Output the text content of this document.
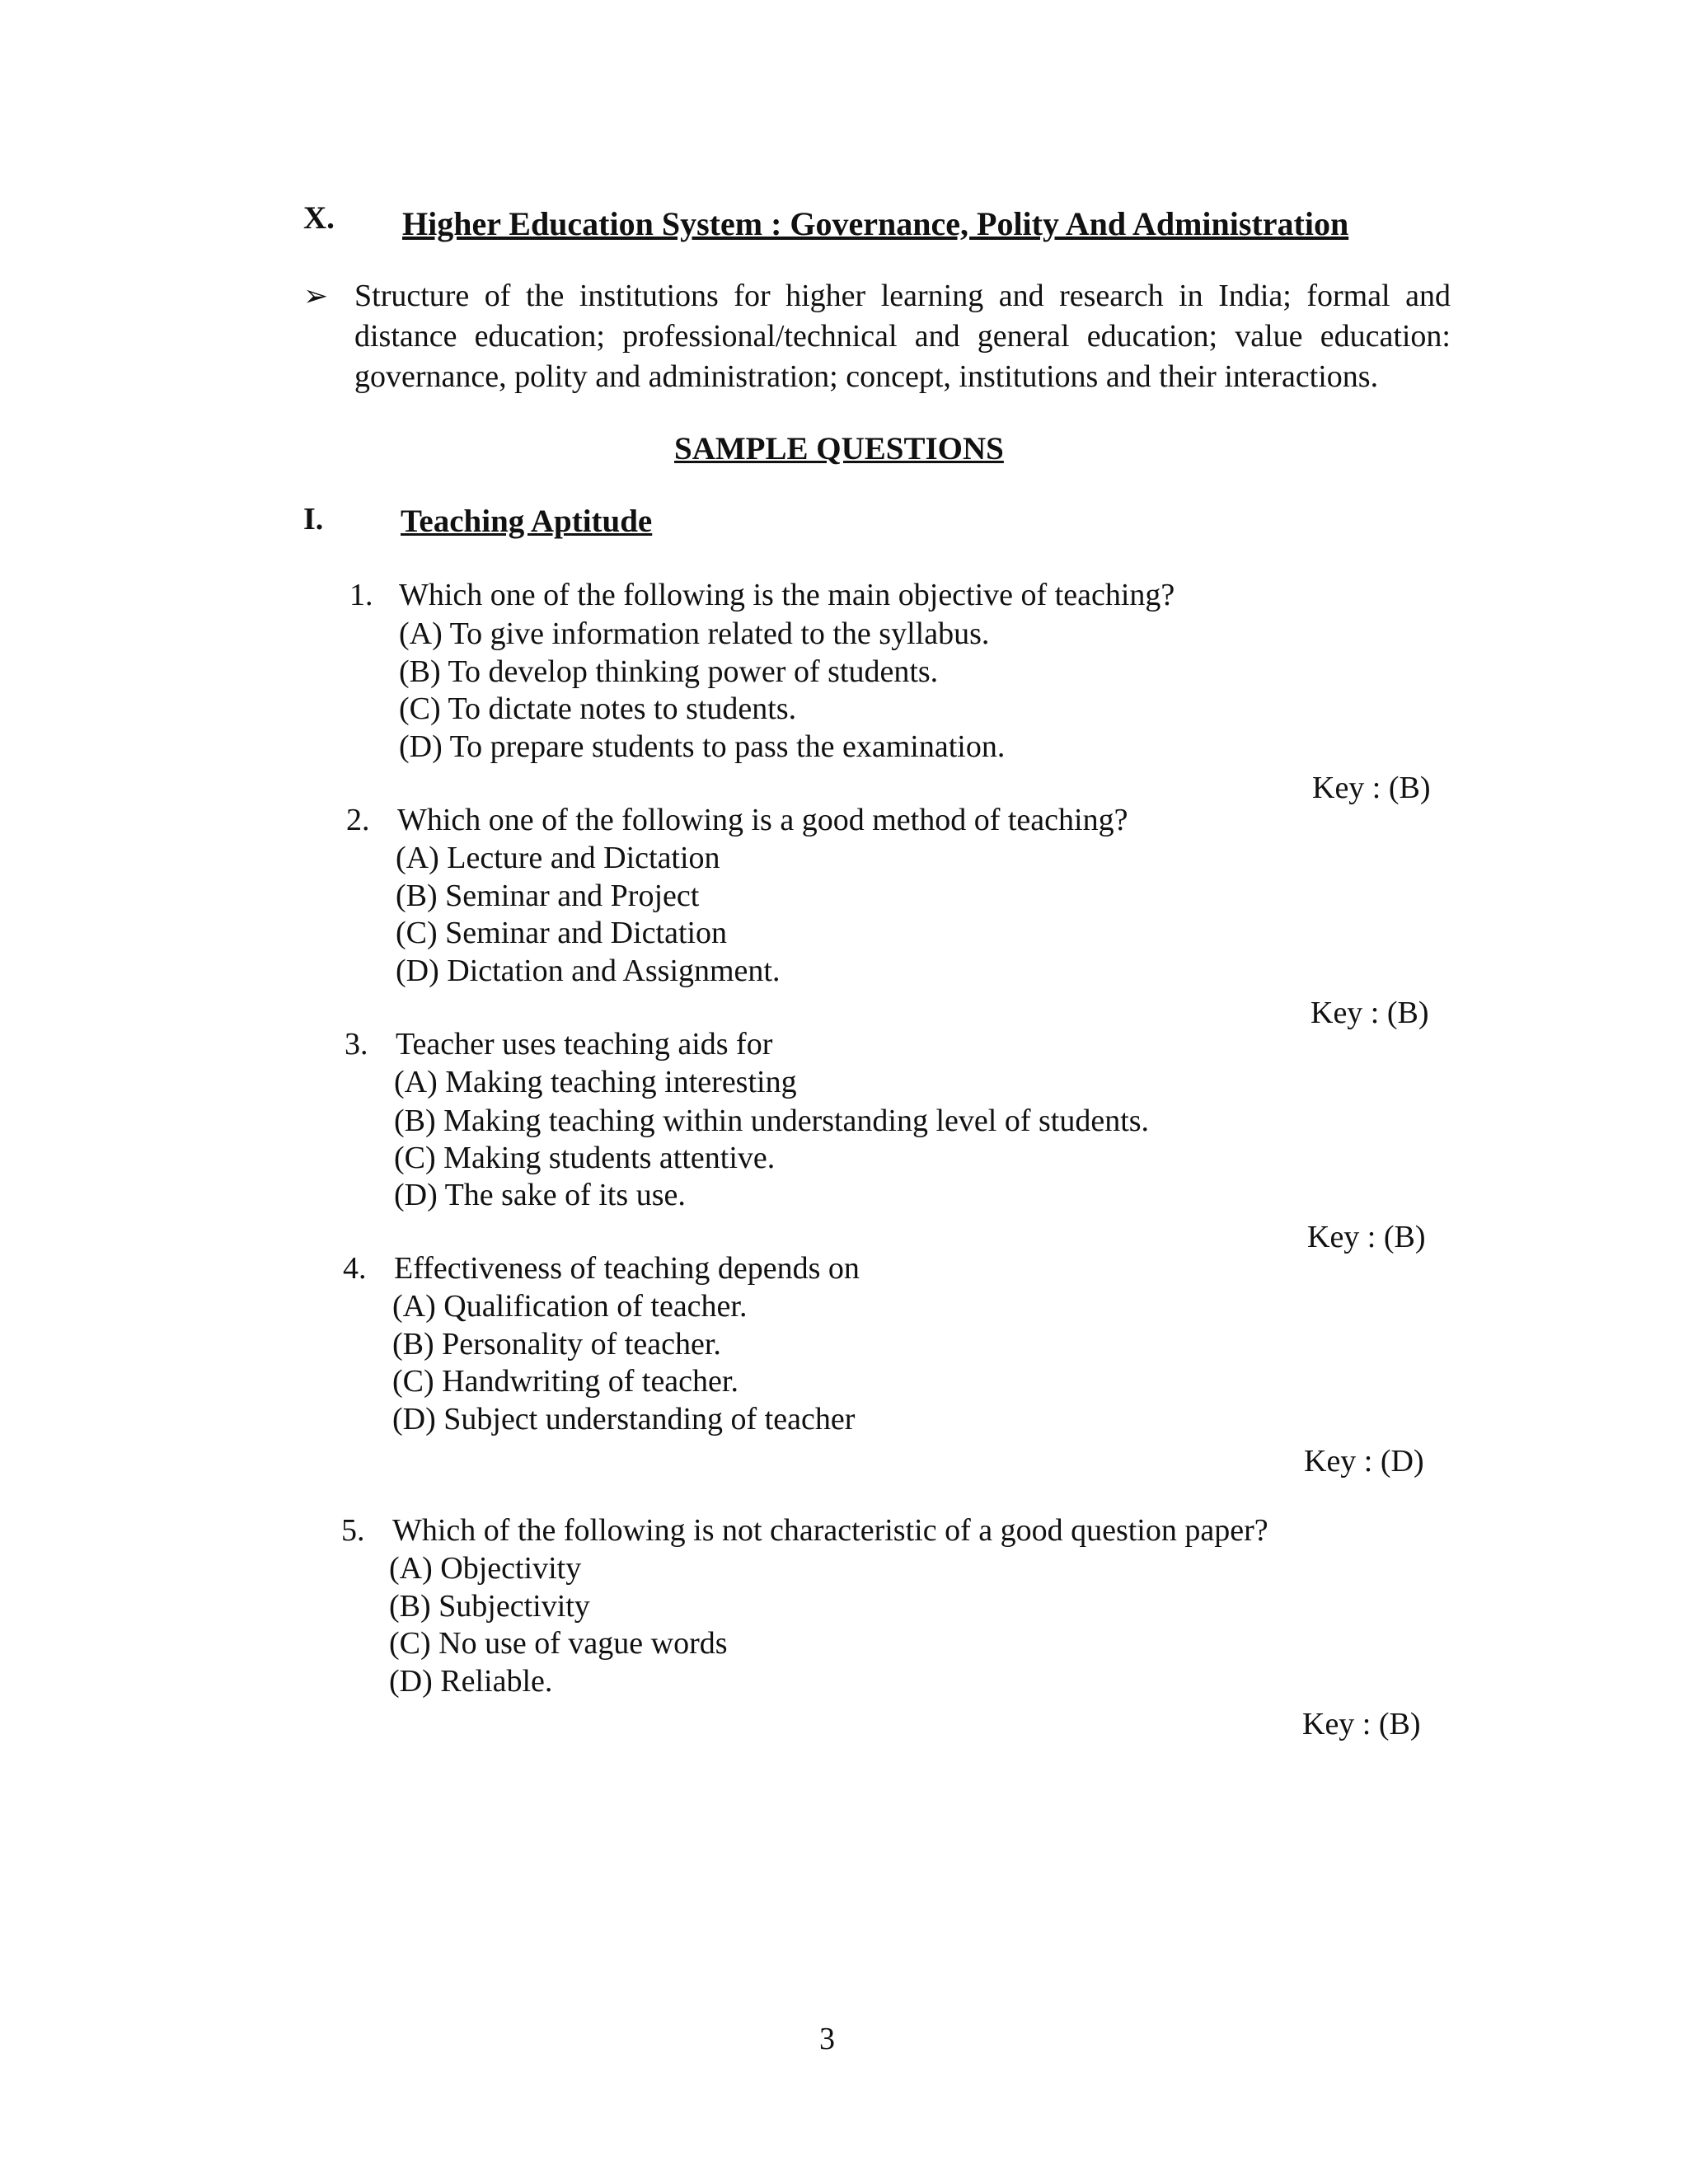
X. Higher Education System : Governance, Polity And Administration
➢ Structure of the institutions for higher learning and research in India; formal and distance education; professional/technical and general education; value education: governance, polity and administration; concept, institutions and their interactions.
SAMPLE QUESTIONS
I. Teaching Aptitude
1. Which one of the following is the main objective of teaching?
(A) To give information related to the syllabus.
(B) To develop thinking power of students.
(C) To dictate notes to students.
(D) To prepare students to pass the examination.
Key : (B)
2. Which one of the following is a good method of teaching?
(A) Lecture and Dictation
(B) Seminar and Project
(C) Seminar and Dictation
(D) Dictation and Assignment.
Key : (B)
3. Teacher uses teaching aids for
(A) Making teaching interesting
(B) Making teaching within understanding level of students.
(C) Making students attentive.
(D) The sake of its use.
Key : (B)
4. Effectiveness of teaching depends on
(A) Qualification of teacher.
(B) Personality of teacher.
(C) Handwriting of teacher.
(D) Subject understanding of teacher
Key : (D)
5. Which of the following is not characteristic of a good question paper?
(A) Objectivity
(B) Subjectivity
(C) No use of vague words
(D) Reliable.
Key : (B)
3
